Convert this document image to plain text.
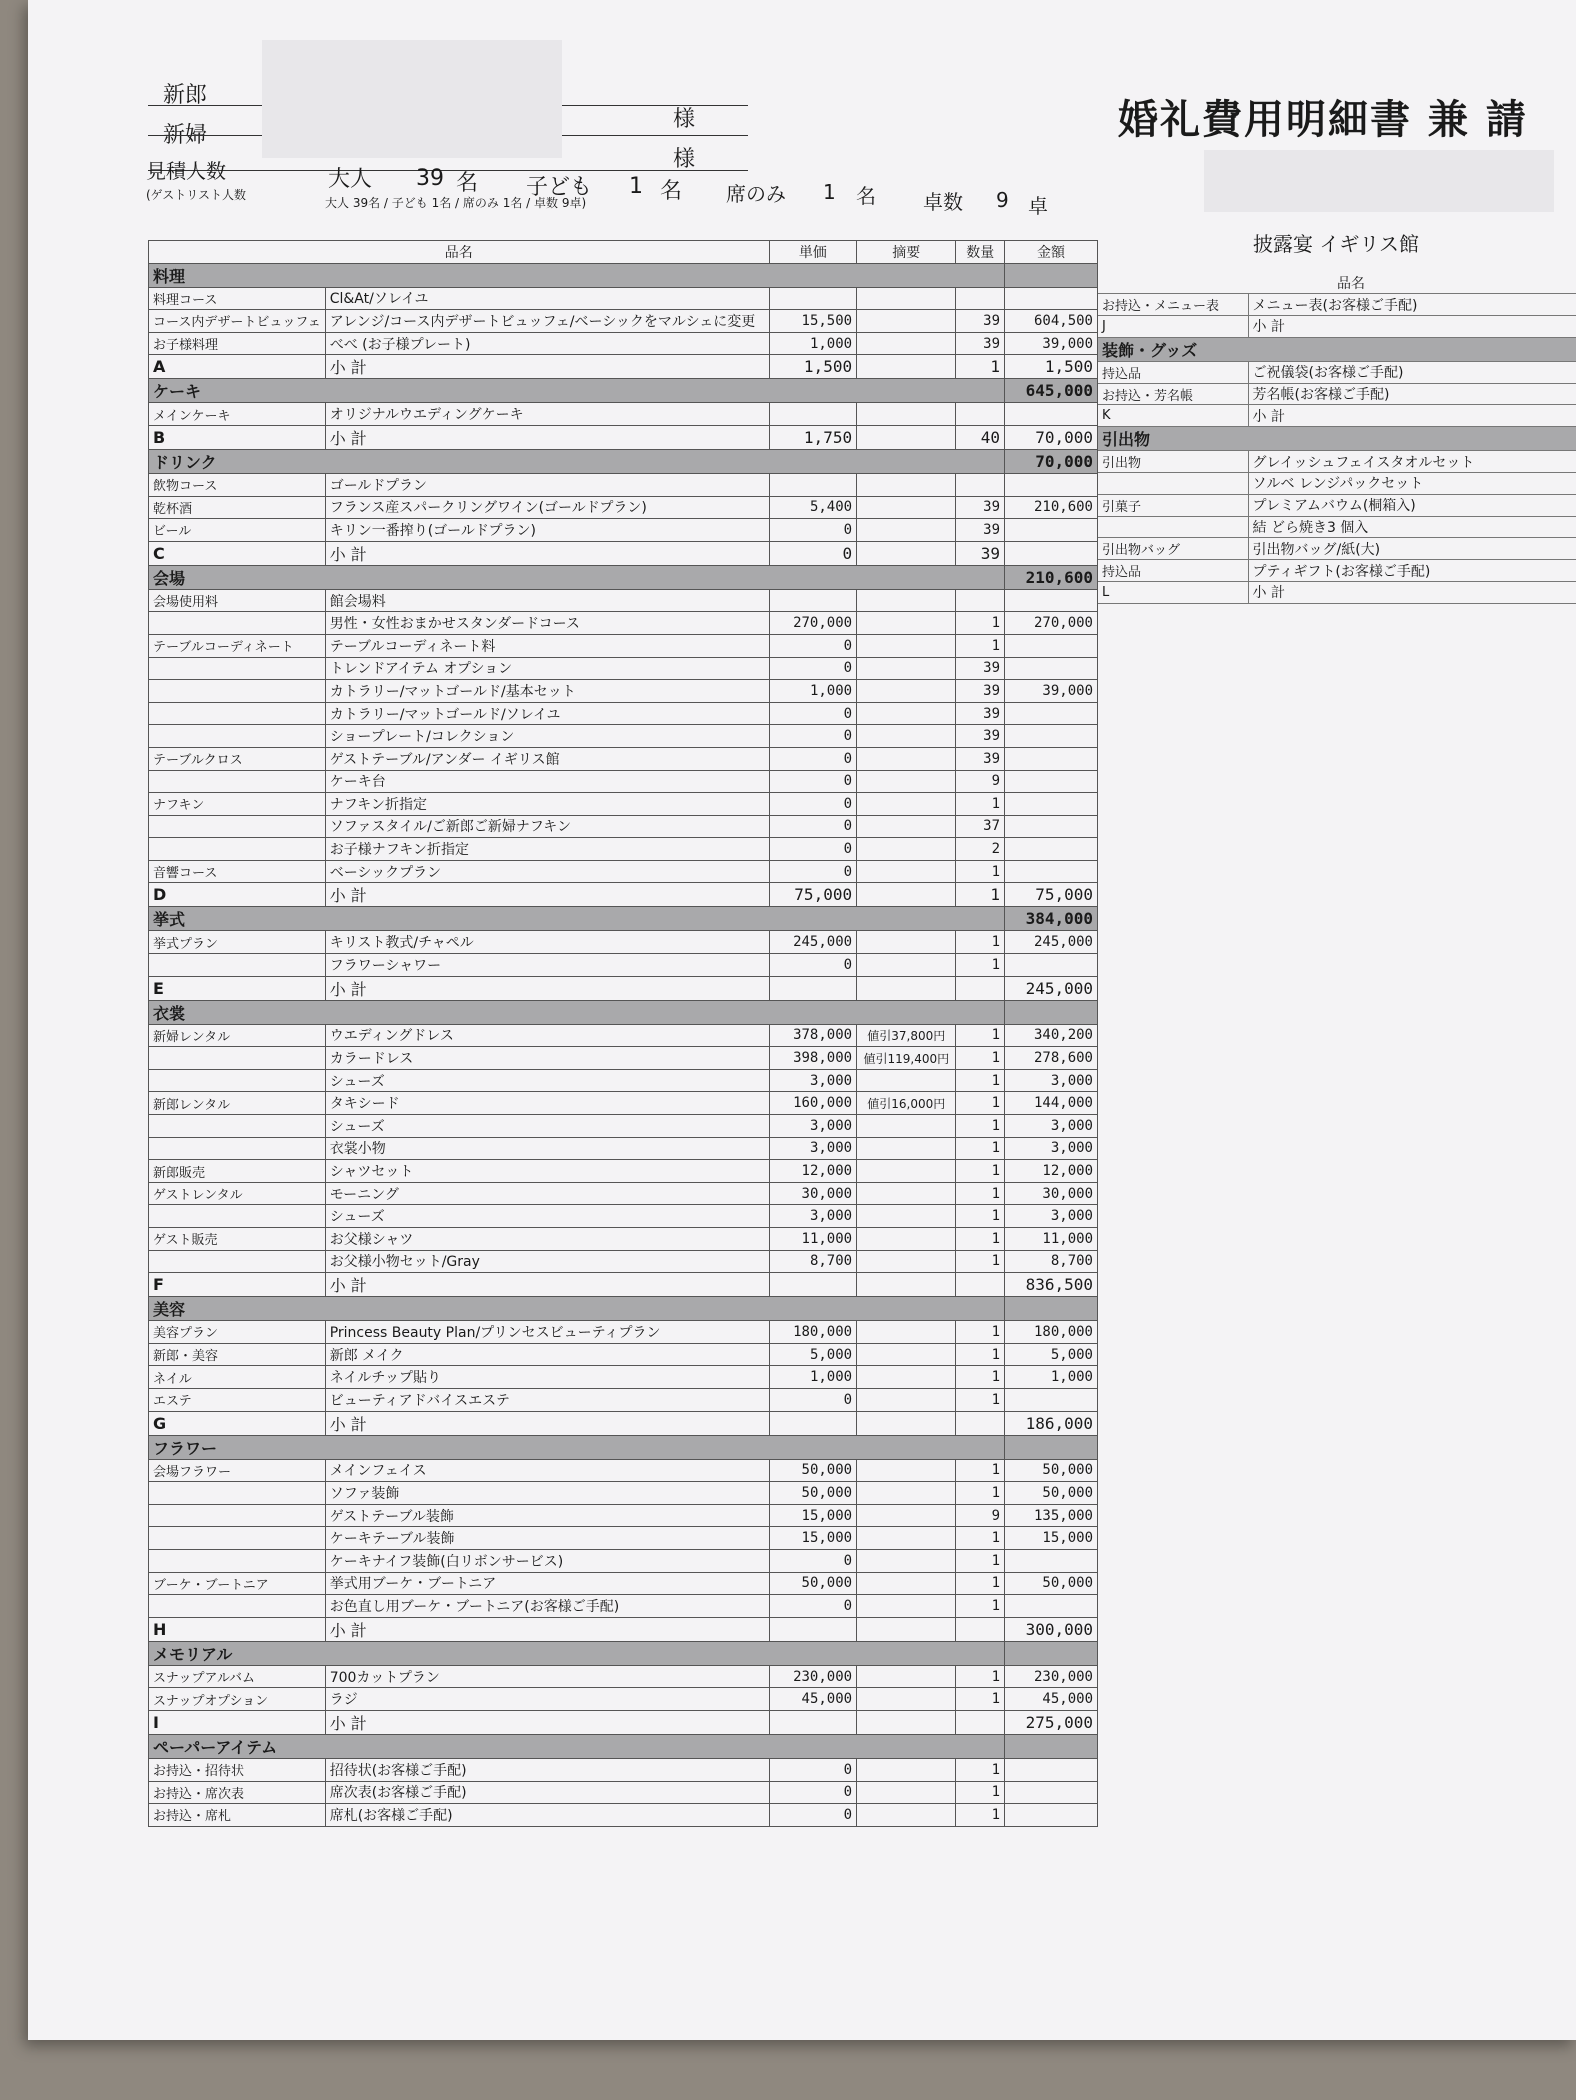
新郎
様
新婦
様
見積人数	大人 39 名 子ども 1 名 席のみ 1 名 卓数 9 卓
(ゲストリスト人数
大人 39名 / 子ども 1名 / 席のみ 1名 / 卓数 9卓)
婚礼費用明細書 兼 請
披露宴 イギリス館
品名		単価	摘要	数量	金額
料理					
料理コース	Cl&At/ソレイユ				
コース内デザートビュッフェ	アレンジ/コース内デザートビュッフェ/ベーシックをマルシェに変更	15,500		39	604,500
お子様料理	べべ (お子様プレート)	1,000		39	39,000
A	小 計	1,500		1	1,500
ケーキ					645,000
メインケーキ	オリジナルウエディングケーキ				
B	小 計	1,750		40	70,000
ドリンク					70,000
飲物コース	ゴールドプラン				
乾杯酒	フランス産スパークリングワイン(ゴールドプラン)	5,400		39	210,600
ビール	キリン一番搾り(ゴールドプラン)	0		39	
C	小 計	0		39	
会場					210,600
会場使用料	館会場料				
	男性・女性おまかせスタンダードコース	270,000		1	270,000
テーブルコーディネート	テーブルコーディネート料	0		1	
	トレンドアイテム オプション	0		39	
	カトラリー/マットゴールド/基本セット	1,000		39	39,000
	カトラリー/マットゴールド/ソレイユ	0		39	
	ショープレート/コレクション	0		39	
テーブルクロス	ゲストテーブル/アンダー イギリス館	0		39	
	ケーキ台	0		9	
ナフキン	ナフキン折指定	0		1	
	ソファスタイル/ご新郎ご新婦ナフキン	0		37	
	お子様ナフキン折指定	0		2	
音響コース	ベーシックプラン	0		1	
D	小 計	75,000		1	75,000
挙式					384,000
挙式プラン	キリスト教式/チャペル	245,000		1	245,000
	フラワーシャワー	0		1	
E	小 計				245,000
衣裳					
新婦レンタル	ウエディングドレス	378,000	値引37,800円	1	340,200
	カラードレス	398,000	値引119,400円	1	278,600
	シューズ	3,000		1	3,000
新郎レンタル	タキシード	160,000	値引16,000円	1	144,000
	シューズ	3,000		1	3,000
	衣裳小物	3,000		1	3,000
新郎販売	シャツセット	12,000		1	12,000
ゲストレンタル	モーニング	30,000		1	30,000
	シューズ	3,000		1	3,000
ゲスト販売	お父様シャツ	11,000		1	11,000
	お父様小物セット/Gray	8,700		1	8,700
F	小 計				836,500
美容					
美容プラン	Princess Beauty Plan/プリンセスビューティプラン	180,000		1	180,000
新郎・美容	新郎 メイク	5,000		1	5,000
ネイル	ネイルチップ貼り	1,000		1	1,000
エステ	ビューティアドバイスエステ	0		1	
G	小 計				186,000
フラワー					
会場フラワー	メインフェイス	50,000		1	50,000
	ソファ装飾	50,000		1	50,000
	ゲストテーブル装飾	15,000		9	135,000
	ケーキテーブル装飾	15,000		1	15,000
	ケーキナイフ装飾(白リボンサービス)	0		1	
ブーケ・ブートニア	挙式用ブーケ・ブートニア	50,000		1	50,000
	お色直し用ブーケ・ブートニア(お客様ご手配)	0		1	
H	小 計				300,000
メモリアル					
スナップアルバム	700カットプラン	230,000		1	230,000
スナップオプション	ラジ	45,000		1	45,000
I	小 計				275,000
ペーパーアイテム					
お持込・招待状	招待状(お客様ご手配)	0		1	
お持込・席次表	席次表(お客様ご手配)	0		1	
お持込・席札	席札(お客様ご手配)	0		1	
品名	
お持込・メニュー表	メニュー表(お客様ご手配)
J	小 計
装飾・グッズ	
持込品	ご祝儀袋(お客様ご手配)
お持込・芳名帳	芳名帳(お客様ご手配)
K	小 計
引出物	
引出物	グレイッシュフェイスタオルセット
	ソルベ レンジパックセット
引菓子	プレミアムバウム(桐箱入)
	結 どら焼き3 個入
引出物バッグ	引出物バッグ/紙(大)
持込品	プティギフト(お客様ご手配)
L	小 計
